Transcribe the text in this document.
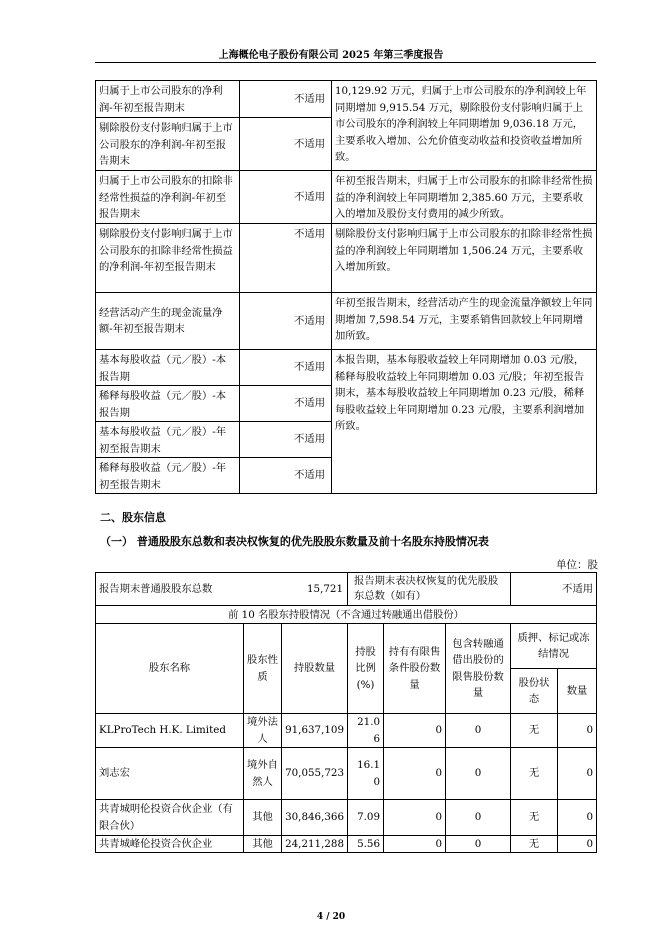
上海概伦电子股份有限公司 2025 年第三季度报告
归属于上市公司股东的净利润-年初至报告期末	不适用	10,129.92 万元，归属于上市公司股东的净利润较上年同期增加 9,915.54 万元，剔除股份支付影响归属于上市公司股东的净利润较上年同期增加 9,036.18 万元，主要系收入增加、公允价值变动收益和投资收益增加所致。
剔除股份支付影响归属于上市公司股东的净利润-年初至报告期末	不适用	
归属于上市公司股东的扣除非经常性损益的净利润-年初至报告期末	不适用	年初至报告期末，归属于上市公司股东的扣除非经常性损益的净利润较上年同期增加 2,385.60 万元，主要系收入的增加及股份支付费用的减少所致。
剔除股份支付影响归属于上市公司股东的扣除非经常性损益的净利润-年初至报告期末	不适用	剔除股份支付影响归属于上市公司股东的扣除非经常性损益的净利润较上年同期增加 1,506.24 万元，主要系收入增加所致。
经营活动产生的现金流量净额-年初至报告期末	不适用	年初至报告期末，经营活动产生的现金流量净额较上年同期增加 7,598.54 万元，主要系销售回款较上年同期增加所致。
基本每股收益（元／股）-本报告期	不适用	本报告期，基本每股收益较上年同期增加 0.03 元/股，稀释每股收益较上年同期增加 0.03 元/股；年初至报告期末，基本每股收益较上年同期增加 0.23 元/股，稀释每股收益较上年同期增加 0.23 元/股，主要系利润增加所致。
稀释每股收益（元／股）-本报告期	不适用	
基本每股收益（元／股）-年初至报告期末	不适用	
稀释每股收益（元／股）-年初至报告期末	不适用	
二、股东信息
（一） 普通股股东总数和表决权恢复的优先股股东数量及前十名股东持股情况表
单位：股
报告期末普通股股东总数 15,721			报告期末表决权恢复的优先股股东总数（如有）			不适用	
前 10 名股东持股情况（不含通过转融通出借股份）							
股东名称	股东性质	持股数量	持股比例(%)	持有有限售条件股份数量	包含转融通借出股份的限售股份数量	质押、标记或冻结情况	
						股份状态	数量
KLProTech H.K. Limited	境外法人	91,637,109	21.06	0	0	无	0
刘志宏	境外自然人	70,055,723	16.10	0	0	无	0
共青城明伦投资合伙企业（有限合伙）	其他	30,846,366	7.09	0	0	无	0
共青城峰伦投资合伙企业	其他	24,211,288	5.56	0	0	无	0
4 / 20
